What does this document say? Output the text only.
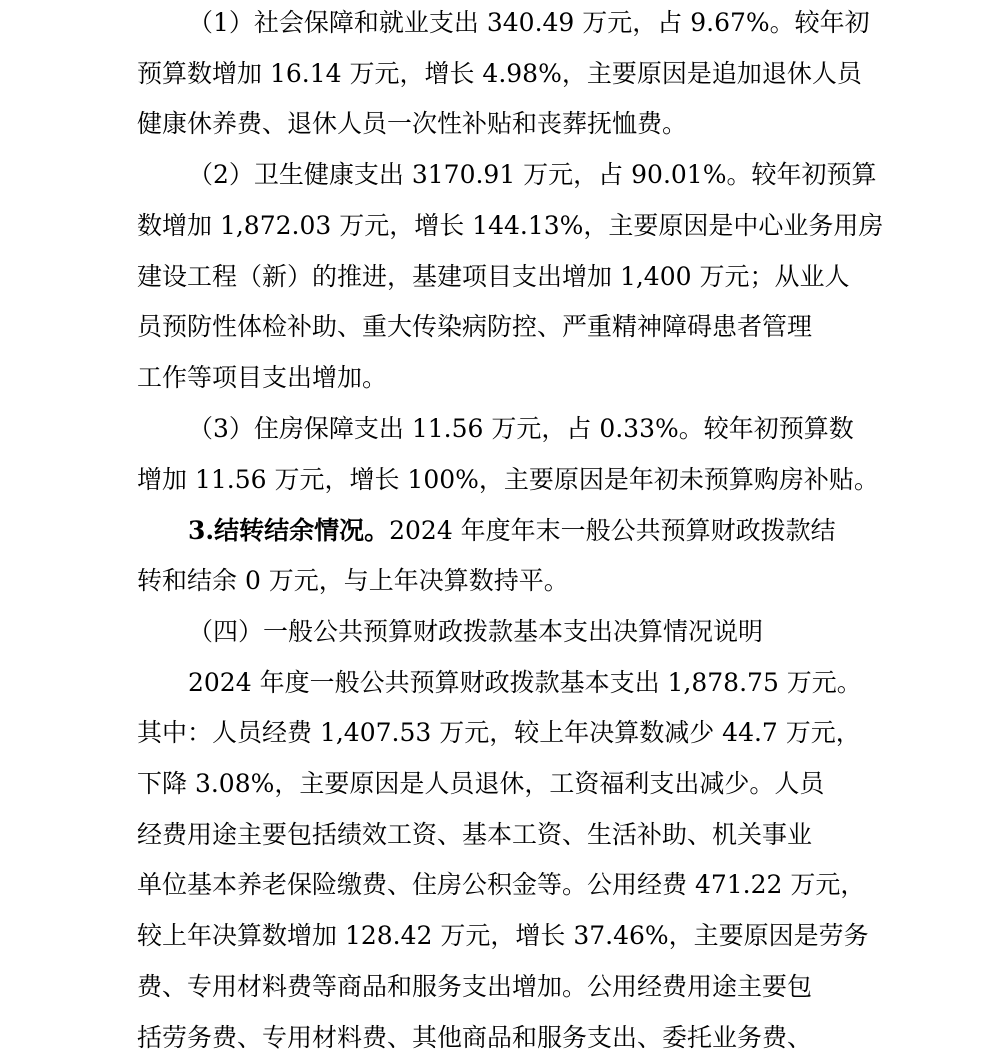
（1）社会保障和就业支出 340.49 万元，占 9.67%。较年初
预算数增加 16.14 万元，增长 4.98%，主要原因是追加退休人员
健康休养费、退休人员一次性补贴和丧葬抚恤费。
（2）卫生健康支出 3170.91 万元，占 90.01%。较年初预算
数增加 1,872.03 万元，增长 144.13%，主要原因是中心业务用房
建设工程（新）的推进，基建项目支出增加 1,400 万元；从业人
员预防性体检补助、重大传染病防控、严重精神障碍患者管理
工作等项目支出增加。
（3）住房保障支出 11.56 万元，占 0.33%。较年初预算数
增加 11.56 万元，增长 100%，主要原因是年初未预算购房补贴。
3.结转结余情况。2024 年度年末一般公共预算财政拨款结
转和结余 0 万元，与上年决算数持平。
（四）一般公共预算财政拨款基本支出决算情况说明
2024 年度一般公共预算财政拨款基本支出 1,878.75 万元。
其中：人员经费 1,407.53 万元，较上年决算数减少 44.7 万元，
下降 3.08%，主要原因是人员退休，工资福利支出减少。人员
经费用途主要包括绩效工资、基本工资、生活补助、机关事业
单位基本养老保险缴费、住房公积金等。公用经费 471.22 万元，
较上年决算数增加 128.42 万元，增长 37.46%，主要原因是劳务
费、专用材料费等商品和服务支出增加。公用经费用途主要包
括劳务费、专用材料费、其他商品和服务支出、委托业务费、
